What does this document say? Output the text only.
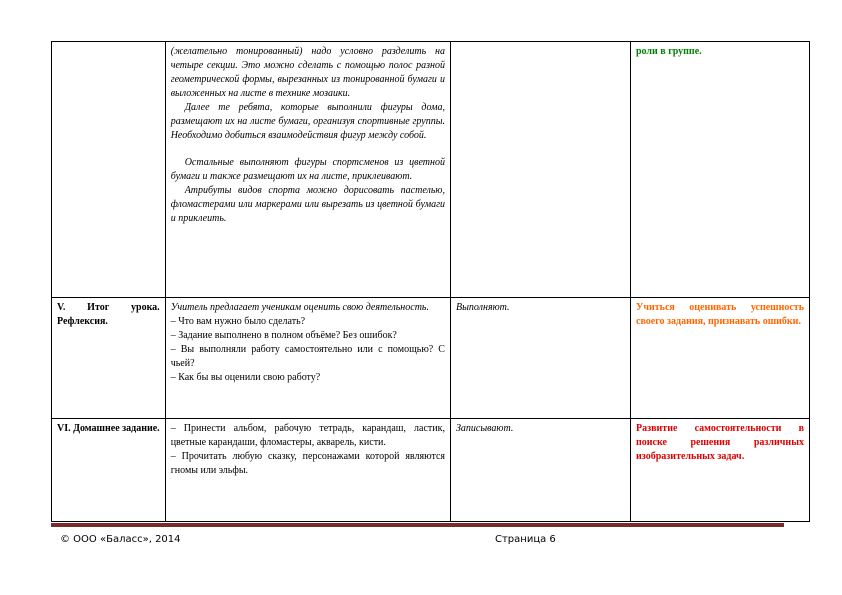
	(желательно тонированный) надо условно разделить на четыре секции. Это можно сделать с помощью полос разной геометрической формы, вырезанных из тонированной бумаги и выложенных на листе в технике мозаики.

Далее те ребята, которые выполнили фигуры дома, размещают их на листе бумаги, организуя спортивные группы. Необходимо добиться взаимодействия фигур между собой.

Остальные выполняют фигуры спортсменов из цветной бумаги и также размещают их на листе, приклеивают.

Атрибуты видов спорта можно дорисовать пастелью, фломастерами или маркерами или вырезать из цветной бумаги и приклеить.		роли в группе.
V. Итог урока. Рефлексия.	Учитель предлагает ученикам оценить свою деятельность.

– Что вам нужно было сделать?

– Задание выполнено в полном объёме? Без ошибок?

– Вы выполняли работу самостоятельно или с помощью? С чьей?

– Как бы вы оценили свою работу?	Выполняют.	Учиться оценивать успешность своего задания, признавать ошибки.
VI. Домашнее задание.	– Принести альбом, рабочую тетрадь, карандаш, ластик, цветные карандаши, фломастеры, акварель, кисти.

– Прочитать любую сказку, персонажами которой являются гномы или эльфы.	Записывают.	Развитие самостоятельности в поиске решения различных изобразительных задач.
© ООО «Баласс», 2014	Страница 6
